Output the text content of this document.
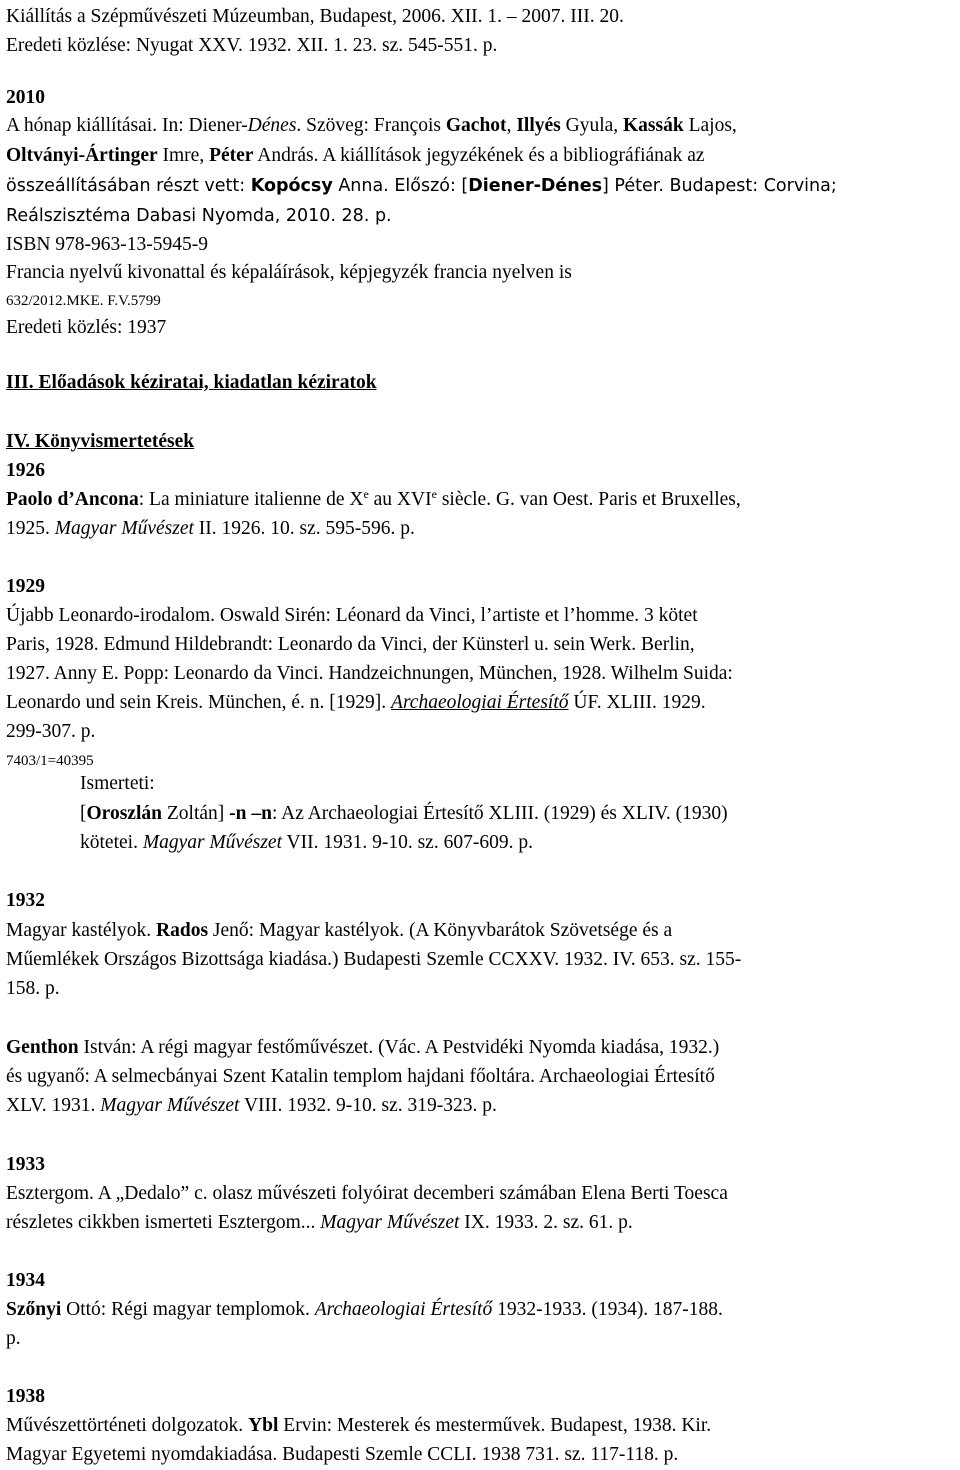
Kiállítás a Szépművészeti Múzeumban, Budapest, 2006. XII. 1. – 2007. III. 20.
Eredeti közlése: Nyugat XXV. 1932. XII. 1. 23. sz. 545-551. p.
2010
A hónap kiállításai. In: Diener-Dénes. Szöveg: François Gachot, Illyés Gyula, Kassák Lajos,
Oltványi-Ártinger Imre, Péter András. A kiállítások jegyzékének és a bibliográfiának az
összeállításában részt vett: Kopócsy Anna. Előszó: [Diener-Dénes] Péter. Budapest: Corvina;
Reálszisztéma Dabasi Nyomda, 2010. 28. p.
ISBN 978-963-13-5945-9
Francia nyelvű kivonattal és képaláírások, képjegyzék francia nyelven is
632/2012.MKE. F.V.5799
Eredeti közlés: 1937
III. Előadások kéziratai, kiadatlan kéziratok
IV. Könyvismertetések
1926
Paolo d’Ancona: La miniature italienne de Xe au XVIe siècle. G. van Oest. Paris et Bruxelles,
1925. Magyar Művészet II. 1926. 10. sz. 595-596. p.
1929
Újabb Leonardo-irodalom. Oswald Sirén: Léonard da Vinci, l’artiste et l’homme. 3 kötet
Paris, 1928. Edmund Hildebrandt: Leonardo da Vinci, der Künsterl u. sein Werk. Berlin,
1927. Anny E. Popp: Leonardo da Vinci. Handzeichnungen, München, 1928. Wilhelm Suida:
Leonardo und sein Kreis. München, é. n. [1929]. Archaeologiai Értesítő ÚF. XLIII. 1929.
299-307. p.
7403/1=40395
Ismerteti:
[Oroszlán Zoltán] -n –n: Az Archaeologiai Értesítő XLIII. (1929) és XLIV. (1930)
kötetei. Magyar Művészet VII. 1931. 9-10. sz. 607-609. p.
1932
Magyar kastélyok. Rados Jenő: Magyar kastélyok. (A Könyvbarátok Szövetsége és a
Műemlékek Országos Bizottsága kiadása.) Budapesti Szemle CCXXV. 1932. IV. 653. sz. 155-
158. p.
Genthon István: A régi magyar festőművészet. (Vác. A Pestvidéki Nyomda kiadása, 1932.)
és ugyanő: A selmecbányai Szent Katalin templom hajdani főoltára. Archaeologiai Értesítő
XLV. 1931. Magyar Művészet VIII. 1932. 9-10. sz. 319-323. p.
1933
Esztergom. A „Dedalo” c. olasz művészeti folyóirat decemberi számában Elena Berti Toesca
részletes cikkben ismerteti Esztergom... Magyar Művészet IX. 1933. 2. sz. 61. p.
1934
Szőnyi Ottó: Régi magyar templomok. Archaeologiai Értesítő 1932-1933. (1934). 187-188.
p.
1938
Művészettörténeti dolgozatok. Ybl Ervin: Mesterek és mesterművek. Budapest, 1938. Kir.
Magyar Egyetemi nyomdakiadása. Budapesti Szemle CCLI. 1938 731. sz. 117-118. p.
